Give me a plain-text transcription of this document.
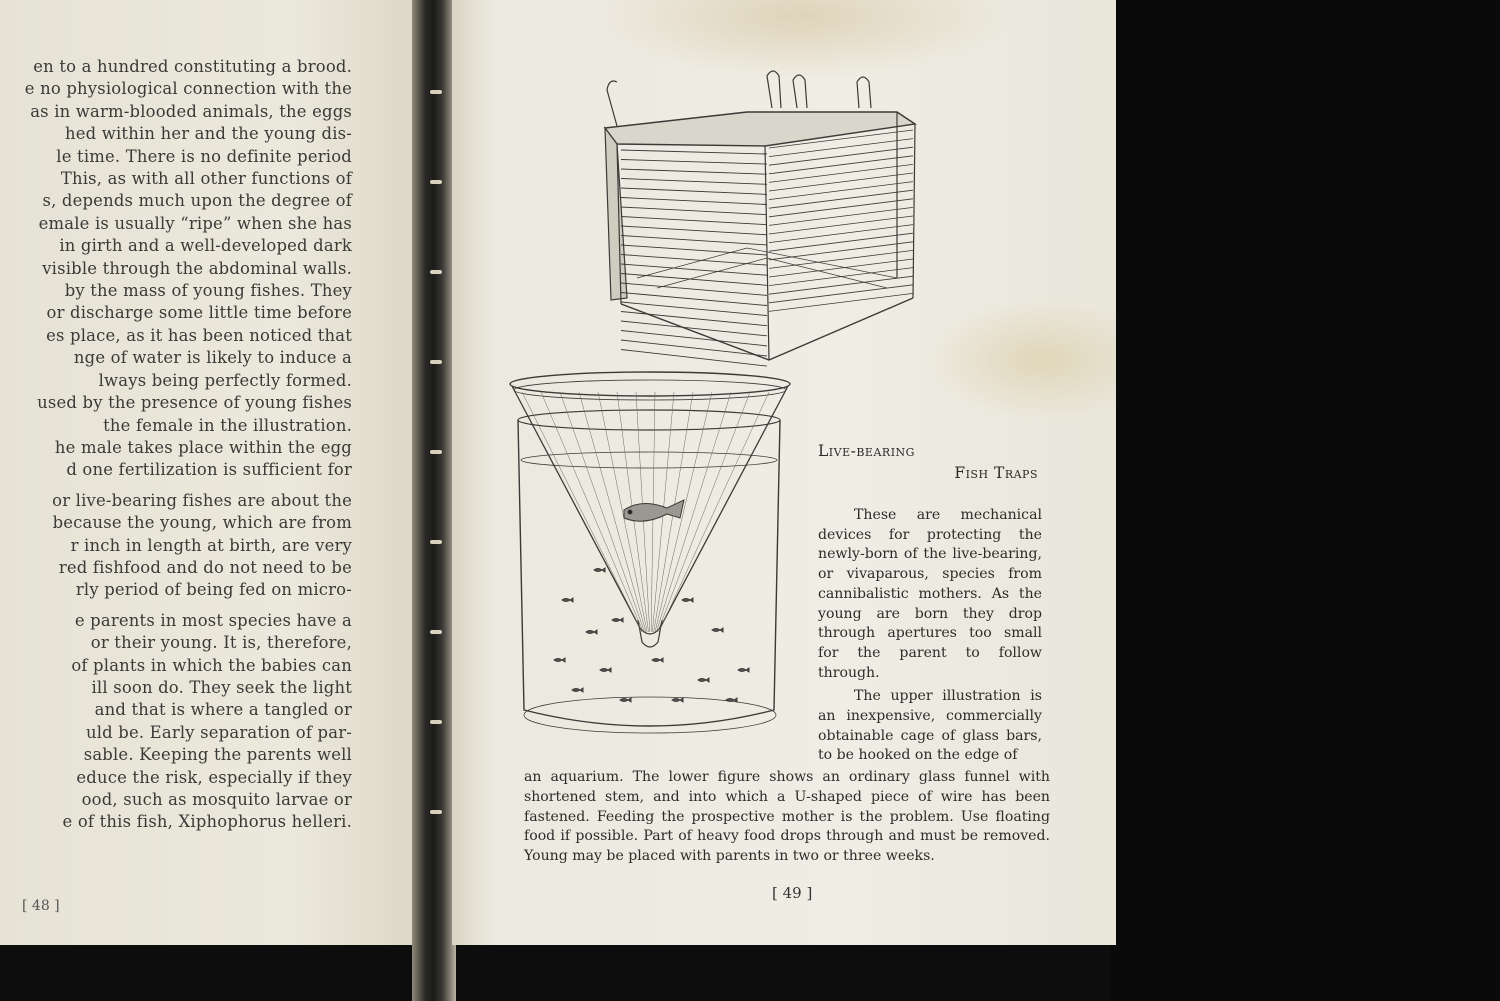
en to a hundred constituting a brood.

e no physiological connection with the

as in warm-blooded animals, the eggs

hed within her and the young dis-

le time. There is no definite period

This, as with all other functions of

s, depends much upon the degree of

emale is usually “ripe” when she has

in girth and a well-developed dark

visible through the abdominal walls.

by the mass of young fishes. They

or discharge some little time before

es place, as it has been noticed that

nge of water is likely to induce a

lways being perfectly formed.

used by the presence of young fishes

the female in the illustration.

he male takes place within the egg

d one fertilization is sufficient for

or live-bearing fishes are about the

because the young, which are from

r inch in length at birth, are very

red fishfood and do not need to be

rly period of being fed on micro-

e parents in most species have a

or their young. It is, therefore,

of plants in which the babies can

ill soon do. They seek the light

and that is where a tangled or

uld be. Early separation of par-

sable. Keeping the parents well

educe the risk, especially if they

ood, such as mosquito larvae or

e of this fish, Xiphophorus helleri.

[ 48 ]
Live-bearing
Fish Traps

These are mechanical devices for protecting the newly-born of the live-bearing, or vivaparous, species from cannibalistic mothers. As the young are born they drop through apertures too small for the parent to follow through.

The upper illustration is an inexpensive, commercially obtainable cage of glass bars, to be hooked on the edge of

an aquarium. The lower figure shows an ordinary glass funnel with shortened stem, and into which a U-shaped piece of wire has been fastened. Feeding the prospective mother is the problem. Use floating food if possible. Part of heavy food drops through and must be removed. Young may be placed with parents in two or three weeks.
[ 49 ]
